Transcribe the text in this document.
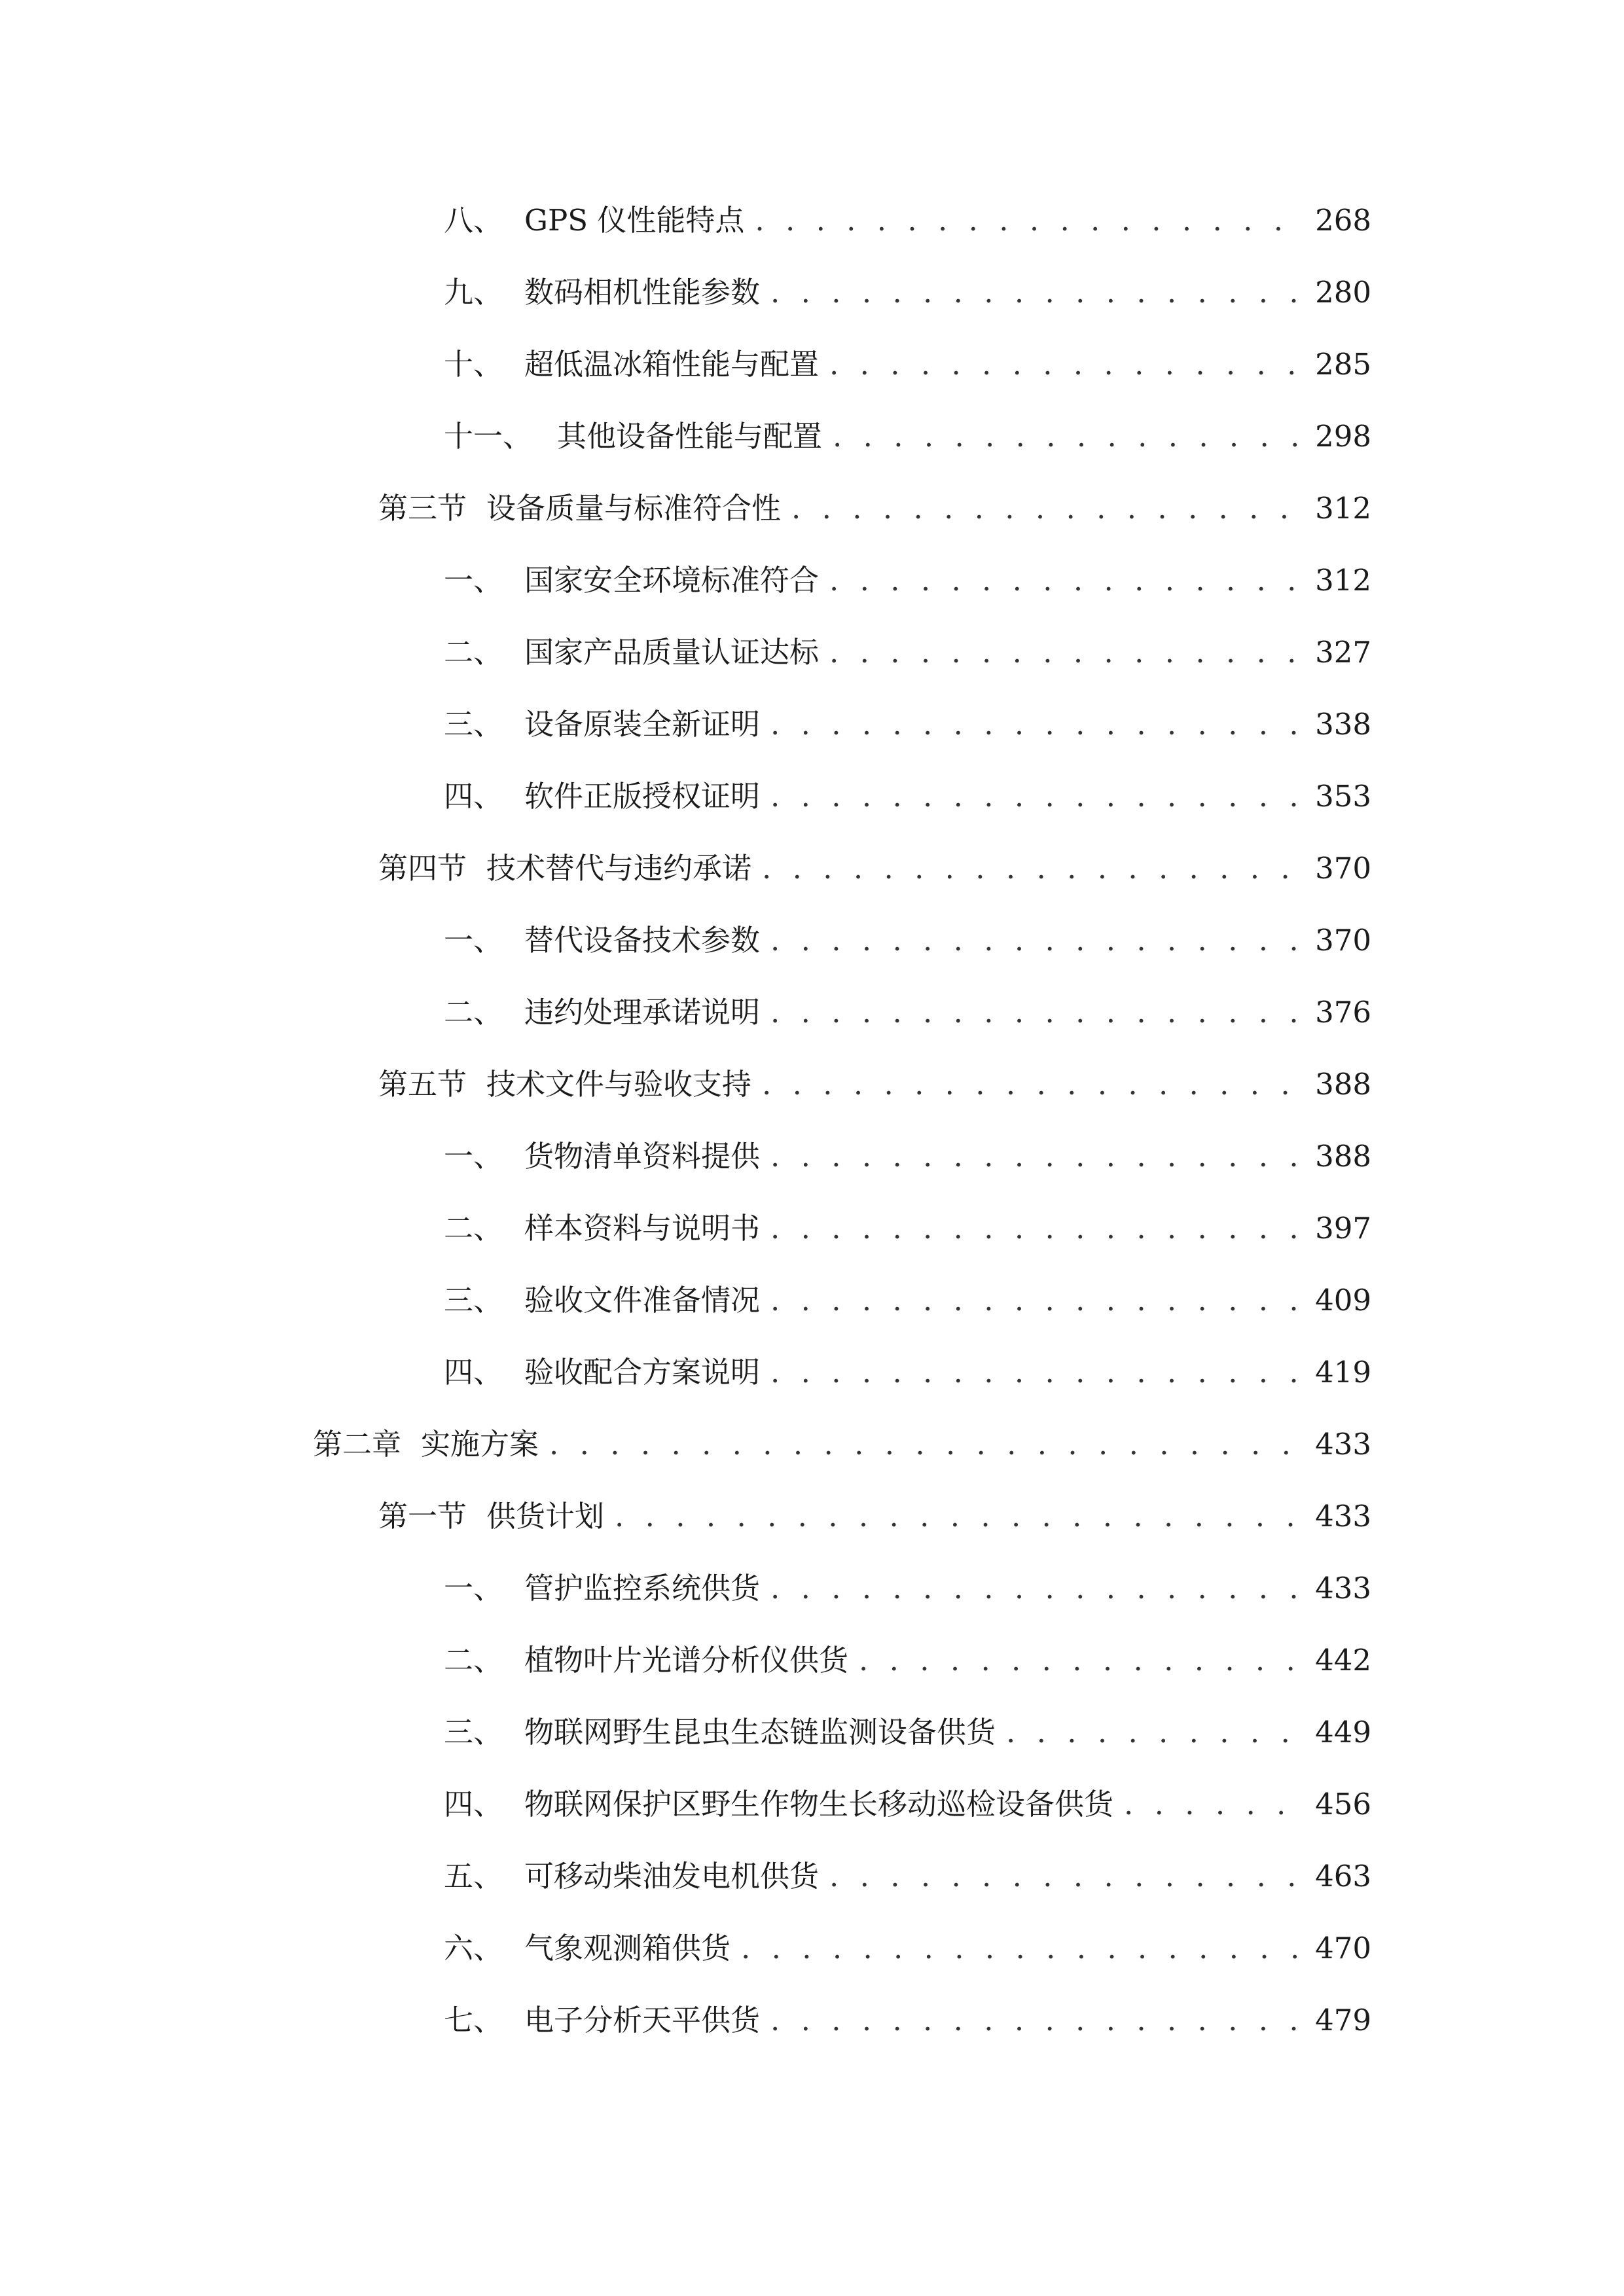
八、 GPS 仪性能特点 . . .	268
九、 数码相机性能参数 . . .	280
十、 超低温冰箱性能与配置 . . .	285
十一、 其他设备性能与配置 . . .	298
第三节 设备质量与标准符合性 . . .	312
一、 国家安全环境标准符合 . . .	312
二、 国家产品质量认证达标 . . .	327
三、 设备原装全新证明 . . .	338
四、 软件正版授权证明 . . .	353
第四节 技术替代与违约承诺 . . .	370
一、 替代设备技术参数 . . .	370
二、 违约处理承诺说明 . . .	376
第五节 技术文件与验收支持 . . .	388
一、 货物清单资料提供 . . .	388
二、 样本资料与说明书 . . .	397
三、 验收文件准备情况 . . .	409
四、 验收配合方案说明 . . .	419
第二章 实施方案 . . .	433
第一节 供货计划 . . .	433
一、 管护监控系统供货 . . .	433
二、 植物叶片光谱分析仪供货 . . .	442
三、 物联网野生昆虫生态链监测设备供货 . . .	449
四、 物联网保护区野生作物生长移动巡检设备供货 . . .	456
五、 可移动柴油发电机供货 . . .	463
六、 气象观测箱供货 . . .	470
七、 电子分析天平供货 . . .	479
